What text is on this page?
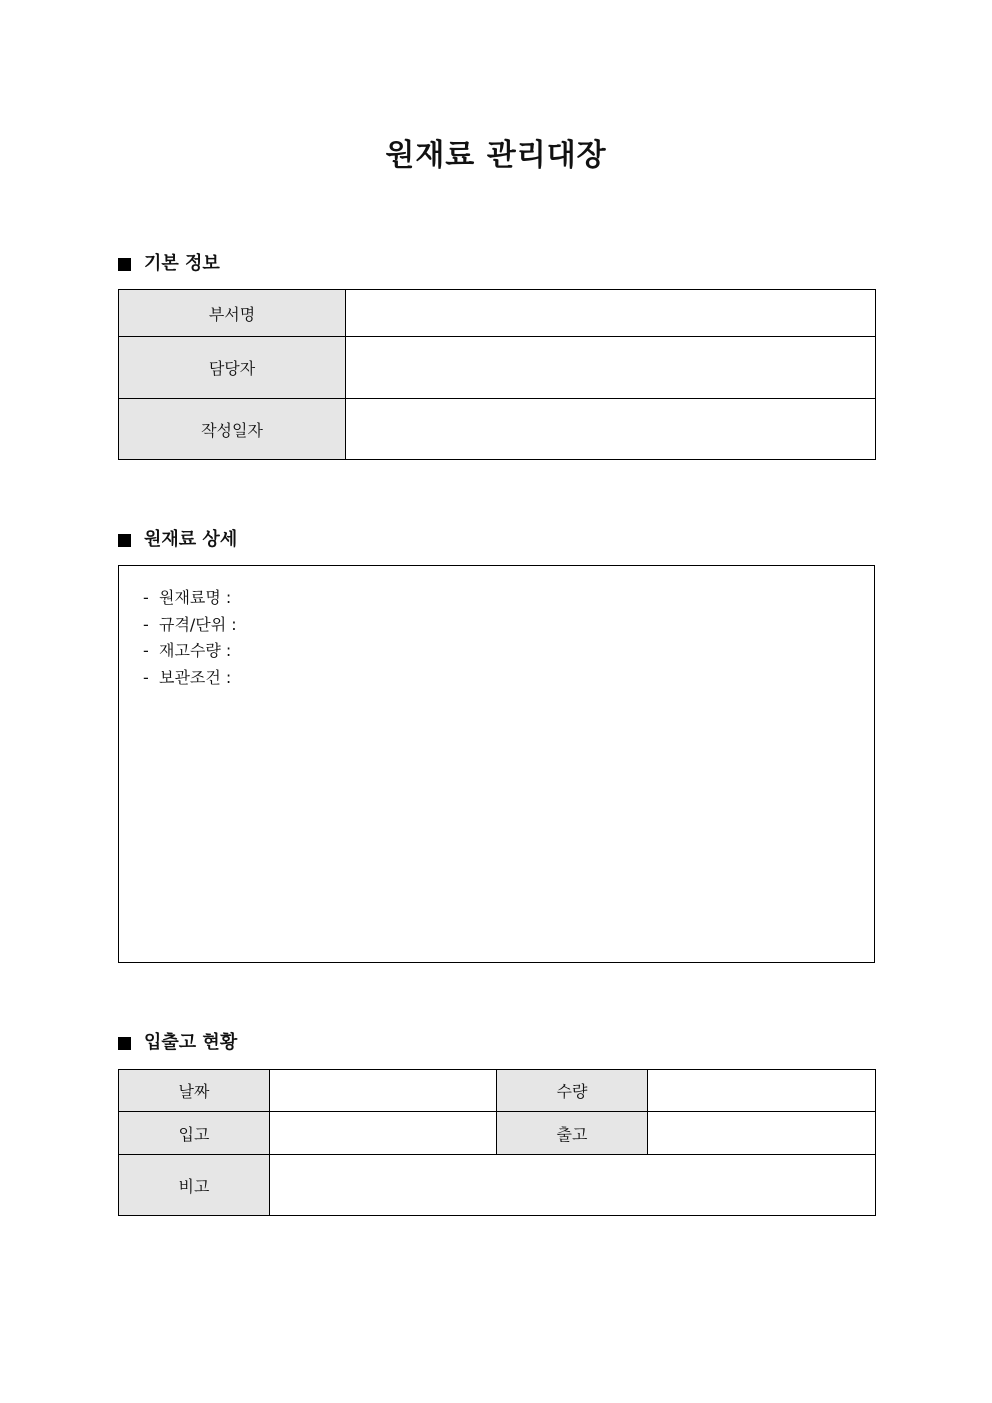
원재료 관리대장
기본 정보
부서명	
담당자	
작성일자	
원재료 상세
- 원재료명 :
- 규격/단위 :
- 재고수량 :
- 보관조건 :
입출고 현황
날짜		수량	
입고		출고	
비고			
